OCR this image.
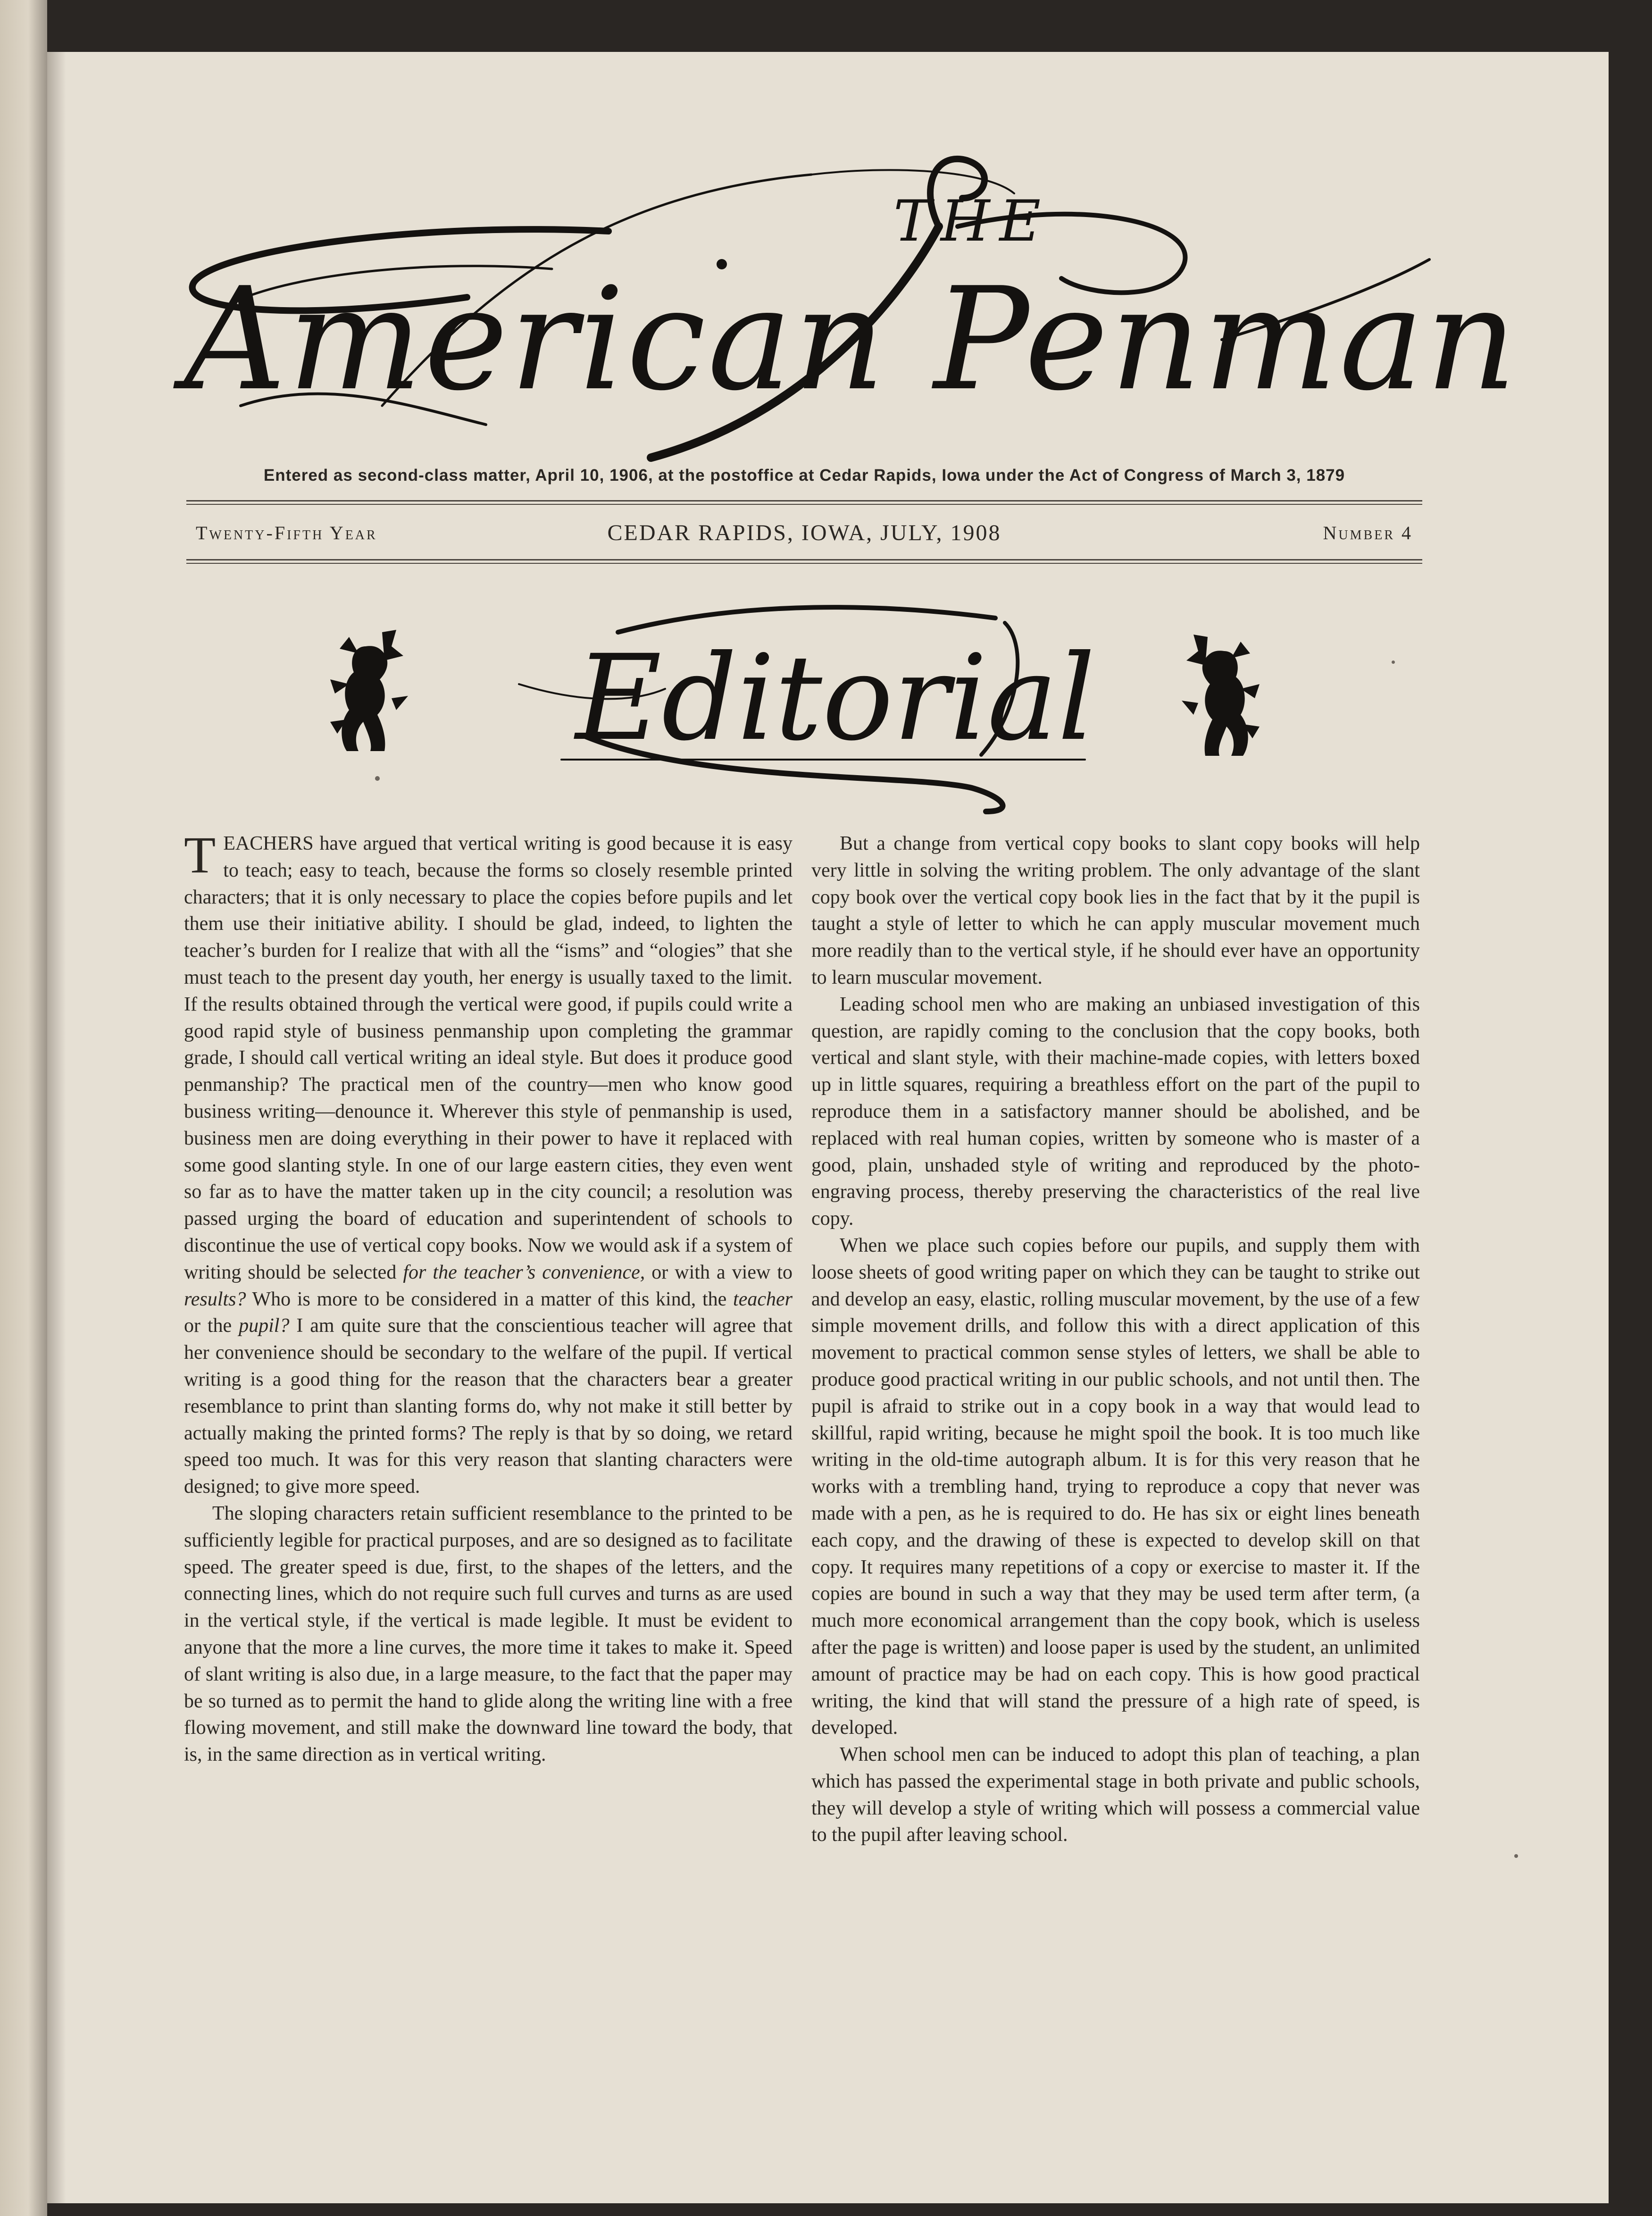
THE
American Penman
Entered as second-class matter, April 10, 1906, at the postoffice at Cedar Rapids, Iowa under the Act of Congress of March 3, 1879
Twenty-Fifth Year	CEDAR RAPIDS, IOWA, JULY, 1908	Number 4
Editorial

TEACHERS have argued that vertical writing is good because it is easy to teach; easy to teach, because the forms so closely resemble printed characters; that it is only necessary to place the copies before pupils and let them use their initiative ability. I should be glad, indeed, to lighten the teacher’s burden for I realize that with all the “isms” and “ologies” that she must teach to the present day youth, her energy is usually taxed to the limit. If the results obtained through the vertical were good, if pupils could write a good rapid style of business penmanship upon completing the grammar grade, I should call vertical writing an ideal style. But does it produce good penmanship? The practical men of the country—men who know good business writing—denounce it. Wherever this style of penmanship is used, business men are doing everything in their power to have it replaced with some good slanting style. In one of our large eastern cities, they even went so far as to have the matter taken up in the city council; a resolution was passed urging the board of education and superintendent of schools to discontinue the use of vertical copy books. Now we would ask if a system of writing should be selected for the teacher’s convenience, or with a view to results? Who is more to be considered in a matter of this kind, the teacher or the pupil? I am quite sure that the conscientious teacher will agree that her convenience should be secondary to the welfare of the pupil. If vertical writing is a good thing for the reason that the characters bear a greater resemblance to print than slanting forms do, why not make it still better by actually making the printed forms? The reply is that by so doing, we retard speed too much. It was for this very reason that slanting characters were designed; to give more speed.

The sloping characters retain sufficient resemblance to the printed to be sufficiently legible for practical purposes, and are so designed as to facilitate speed. The greater speed is due, first, to the shapes of the letters, and the connecting lines, which do not require such full curves and turns as are used in the vertical style, if the vertical is made legible. It must be evident to anyone that the more a line curves, the more time it takes to make it. Speed of slant writing is also due, in a large measure, to the fact that the paper may be so turned as to permit the hand to glide along the writing line with a free flowing movement, and still make the downward line toward the body, that is, in the same direction as in vertical writing.

But a change from vertical copy books to slant copy books will help very little in solving the writing problem. The only advantage of the slant copy book over the vertical copy book lies in the fact that by it the pupil is taught a style of letter to which he can apply muscular movement much more readily than to the vertical style, if he should ever have an opportunity to learn muscular movement.

Leading school men who are making an unbiased investigation of this question, are rapidly coming to the conclusion that the copy books, both vertical and slant style, with their machine-made copies, with letters boxed up in little squares, requiring a breathless effort on the part of the pupil to reproduce them in a satisfactory manner should be abolished, and be replaced with real human copies, written by someone who is master of a good, plain, unshaded style of writing and reproduced by the photo-engraving process, thereby preserving the characteristics of the real live copy.

When we place such copies before our pupils, and supply them with loose sheets of good writing paper on which they can be taught to strike out and develop an easy, elastic, rolling muscular movement, by the use of a few simple movement drills, and follow this with a direct application of this movement to practical common sense styles of letters, we shall be able to produce good practical writing in our public schools, and not until then. The pupil is afraid to strike out in a copy book in a way that would lead to skillful, rapid writing, because he might spoil the book. It is too much like writing in the old-time autograph album. It is for this very reason that he works with a trembling hand, trying to reproduce a copy that never was made with a pen, as he is required to do. He has six or eight lines beneath each copy, and the drawing of these is expected to develop skill on that copy. It requires many repetitions of a copy or exercise to master it. If the copies are bound in such a way that they may be used term after term, (a much more economical arrangement than the copy book, which is useless after the page is written) and loose paper is used by the student, an unlimited amount of practice may be had on each copy. This is how good practical writing, the kind that will stand the pressure of a high rate of speed, is developed.

When school men can be induced to adopt this plan of teaching, a plan which has passed the experimental stage in both private and public schools, they will develop a style of writing which will possess a commercial value to the pupil after leaving school.
